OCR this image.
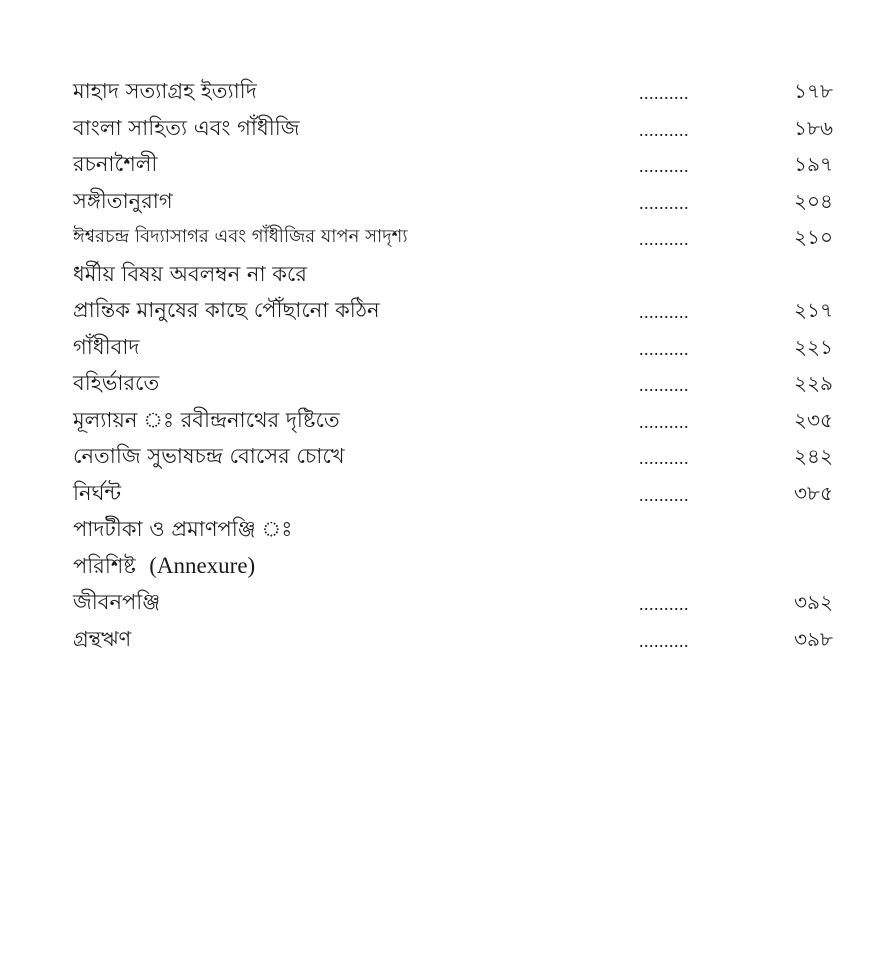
মাহাদ সত্যাগ্রহ ইত্যাদি	..........	১৭৮
বাংলা সাহিত্য এবং গাঁধীজি	..........	১৮৬
রচনাশৈলী	..........	১৯৭
সঙ্গীতানুরাগ	..........	২০৪
ঈশ্বরচন্দ্র বিদ্যাসাগর এবং গাঁধীজির যাপন সাদৃশ্য	..........	২১০
ধর্মীয় বিষয় অবলম্বন না করে
প্রান্তিক মানুষের কাছে পৌঁছানো কঠিন	..........	২১৭
গাঁধীবাদ	..........	২২১
বহির্ভারতে	..........	২২৯
মূল্যায়ন ঃ রবীন্দ্রনাথের দৃষ্টিতে	..........	২৩৫
নেতাজি সুভাষচন্দ্র বোসের চোখে	..........	২৪২
নির্ঘন্ট	..........	৩৮৫
পাদটীকা ও প্রমাণপঞ্জি ঃ
পরিশিষ্ট (Annexure)
জীবনপঞ্জি	..........	৩৯২
গ্রন্থঋণ	..........	৩৯৮
